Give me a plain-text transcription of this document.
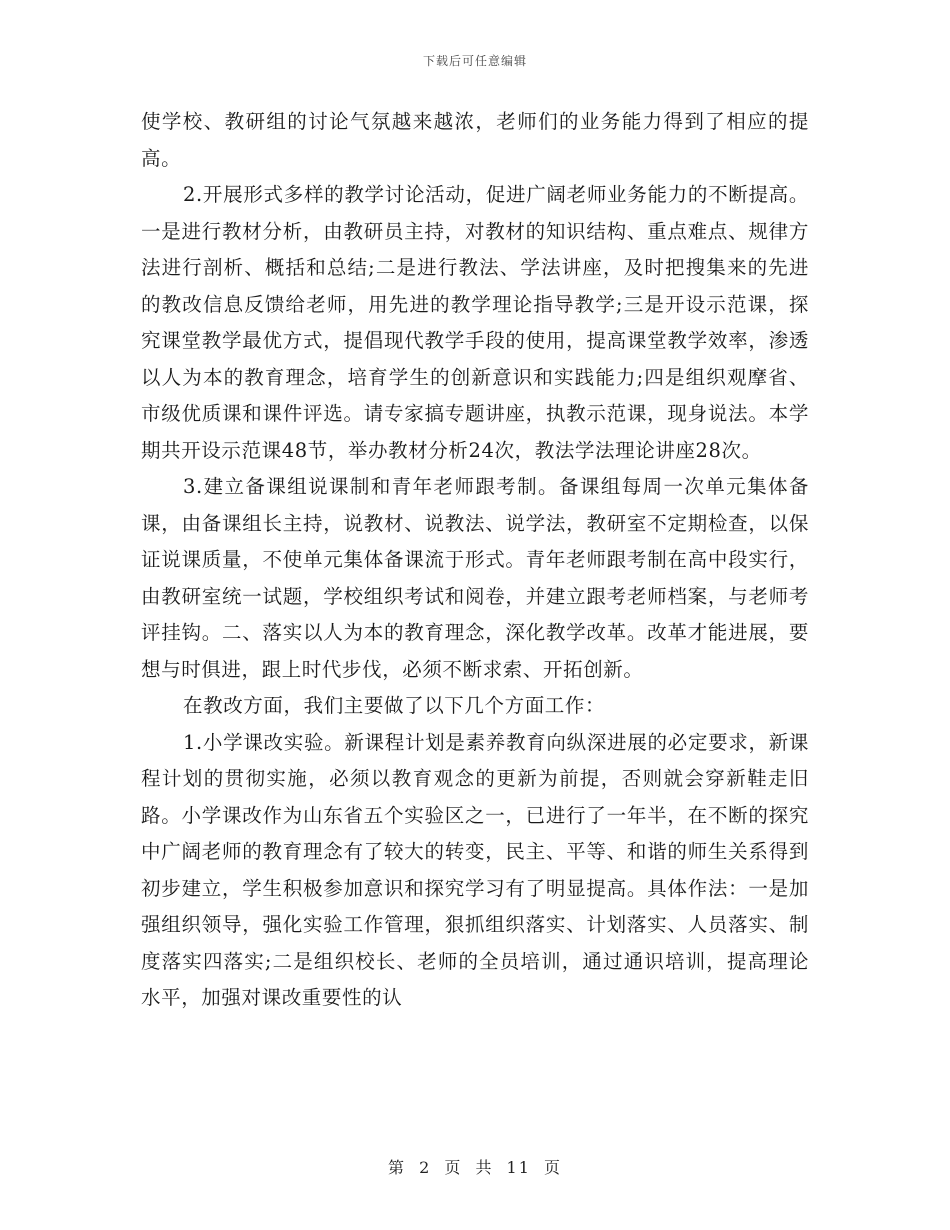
下载后可任意编辑

使学校、教研组的讨论气氛越来越浓，老师们的业务能力得到了相应的提高。

2.开展形式多样的教学讨论活动，促进广阔老师业务能力的不断提高。一是进行教材分析，由教研员主持，对教材的知识结构、重点难点、规律方法进行剖析、概括和总结;二是进行教法、学法讲座，及时把搜集来的先进的教改信息反馈给老师，用先进的教学理论指导教学;三是开设示范课，探究课堂教学最优方式，提倡现代教学手段的使用，提高课堂教学效率，渗透以人为本的教育理念，培育学生的创新意识和实践能力;四是组织观摩省、市级优质课和课件评选。请专家搞专题讲座，执教示范课，现身说法。本学期共开设示范课48节，举办教材分析24次，教法学法理论讲座28次。

3.建立备课组说课制和青年老师跟考制。备课组每周一次单元集体备课，由备课组长主持，说教材、说教法、说学法，教研室不定期检查，以保证说课质量，不使单元集体备课流于形式。青年老师跟考制在高中段实行，由教研室统一试题，学校组织考试和阅卷，并建立跟考老师档案，与老师考评挂钩。二、落实以人为本的教育理念，深化教学改革。改革才能进展，要想与时俱进，跟上时代步伐，必须不断求索、开拓创新。

在教改方面，我们主要做了以下几个方面工作：

1.小学课改实验。新课程计划是素养教育向纵深进展的必定要求，新课程计划的贯彻实施，必须以教育观念的更新为前提，否则就会穿新鞋走旧路。小学课改作为山东省五个实验区之一，已进行了一年半，在不断的探究中广阔老师的教育理念有了较大的转变，民主、平等、和谐的师生关系得到初步建立，学生积极参加意识和探究学习有了明显提高。具体作法：一是加强组织领导，强化实验工作管理，狠抓组织落实、计划落实、人员落实、制度落实四落实;二是组织校长、老师的全员培训，通过通识培训，提高理论水平，加强对课改重要性的认

第 2 页 共 11 页
